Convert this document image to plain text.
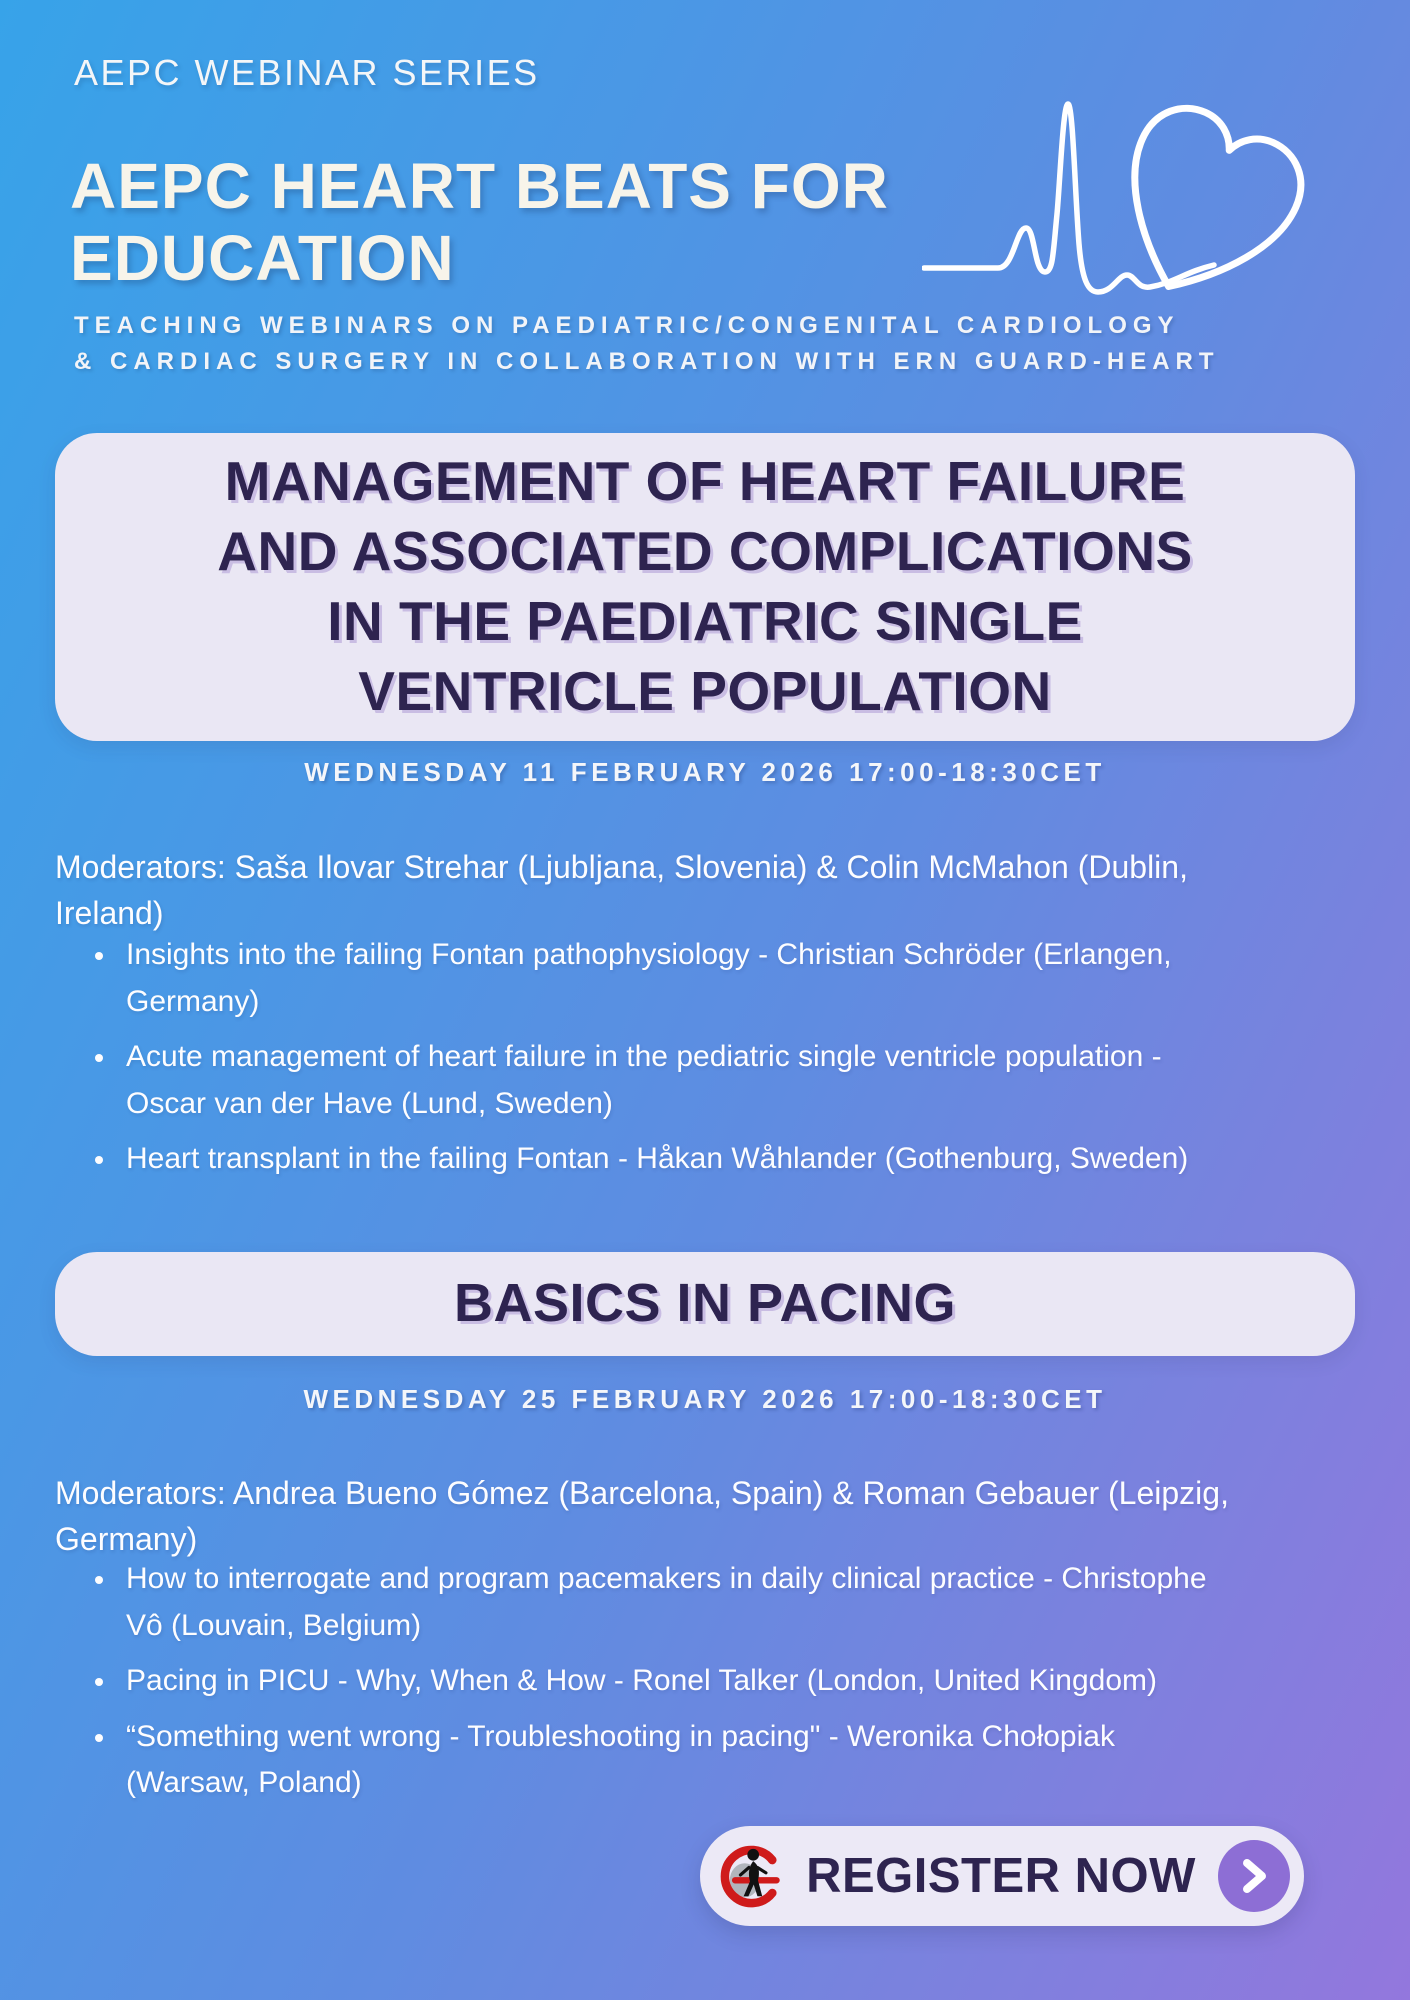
AEPC WEBINAR SERIES
AEPC HEART BEATS FOR EDUCATION
TEACHING WEBINARS ON PAEDIATRIC/CONGENITAL CARDIOLOGY
& CARDIAC SURGERY IN COLLABORATION WITH ERN GUARD-HEART
MANAGEMENT OF HEART FAILURE AND ASSOCIATED COMPLICATIONS IN THE PAEDIATRIC SINGLE VENTRICLE POPULATION
WEDNESDAY 11 FEBRUARY 2026 17:00-18:30CET

Moderators: Saša Ilovar Strehar (Ljubljana, Slovenia) & Colin McMahon (Dublin, Ireland)

• Insights into the failing Fontan pathophysiology - Christian Schröder (Erlangen, Germany)
• Acute management of heart failure in the pediatric single ventricle population - Oscar van der Have (Lund, Sweden)
• Heart transplant in the failing Fontan - Håkan Wåhlander (Gothenburg, Sweden)
BASICS IN PACING
WEDNESDAY 25 FEBRUARY 2026 17:00-18:30CET

Moderators: Andrea Bueno Gómez (Barcelona, Spain) & Roman Gebauer (Leipzig, Germany)

• How to interrogate and program pacemakers in daily clinical practice - Christophe Vô (Louvain, Belgium)
• Pacing in PICU - Why, When & How - Ronel Talker (London, United Kingdom)
• “Something went wrong - Troubleshooting in pacing" - Weronika Chołopiak (Warsaw, Poland)
REGISTER NOW
